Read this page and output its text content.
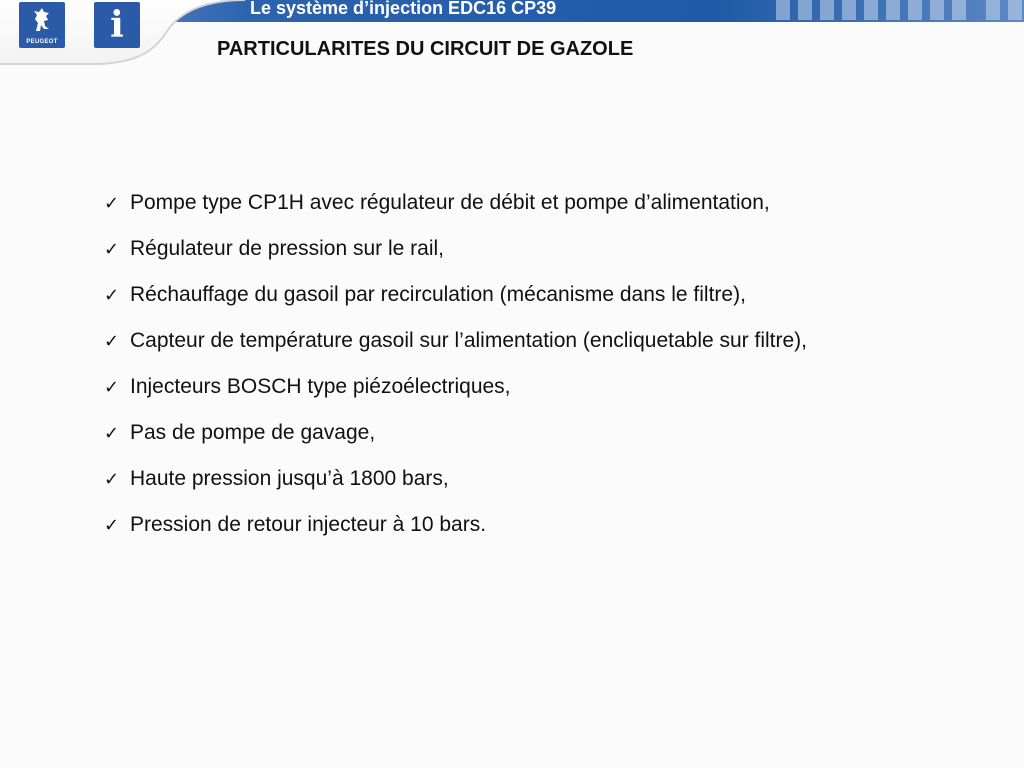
PEUGEOT	i	Le système d’injection EDC16 CP39
PARTICULARITES DU CIRCUIT DE GAZOLE
✓ Pompe type CP1H avec régulateur de débit et pompe d’alimentation,
✓ Régulateur de pression sur le rail,
✓ Réchauffage du gasoil par recirculation (mécanisme dans le filtre),
✓ Capteur de température gasoil sur l’alimentation (encliquetable sur filtre),
✓ Injecteurs BOSCH type piézoélectriques,
✓ Pas de pompe de gavage,
✓ Haute pression jusqu’à 1800 bars,
✓ Pression de retour injecteur à 10 bars.
